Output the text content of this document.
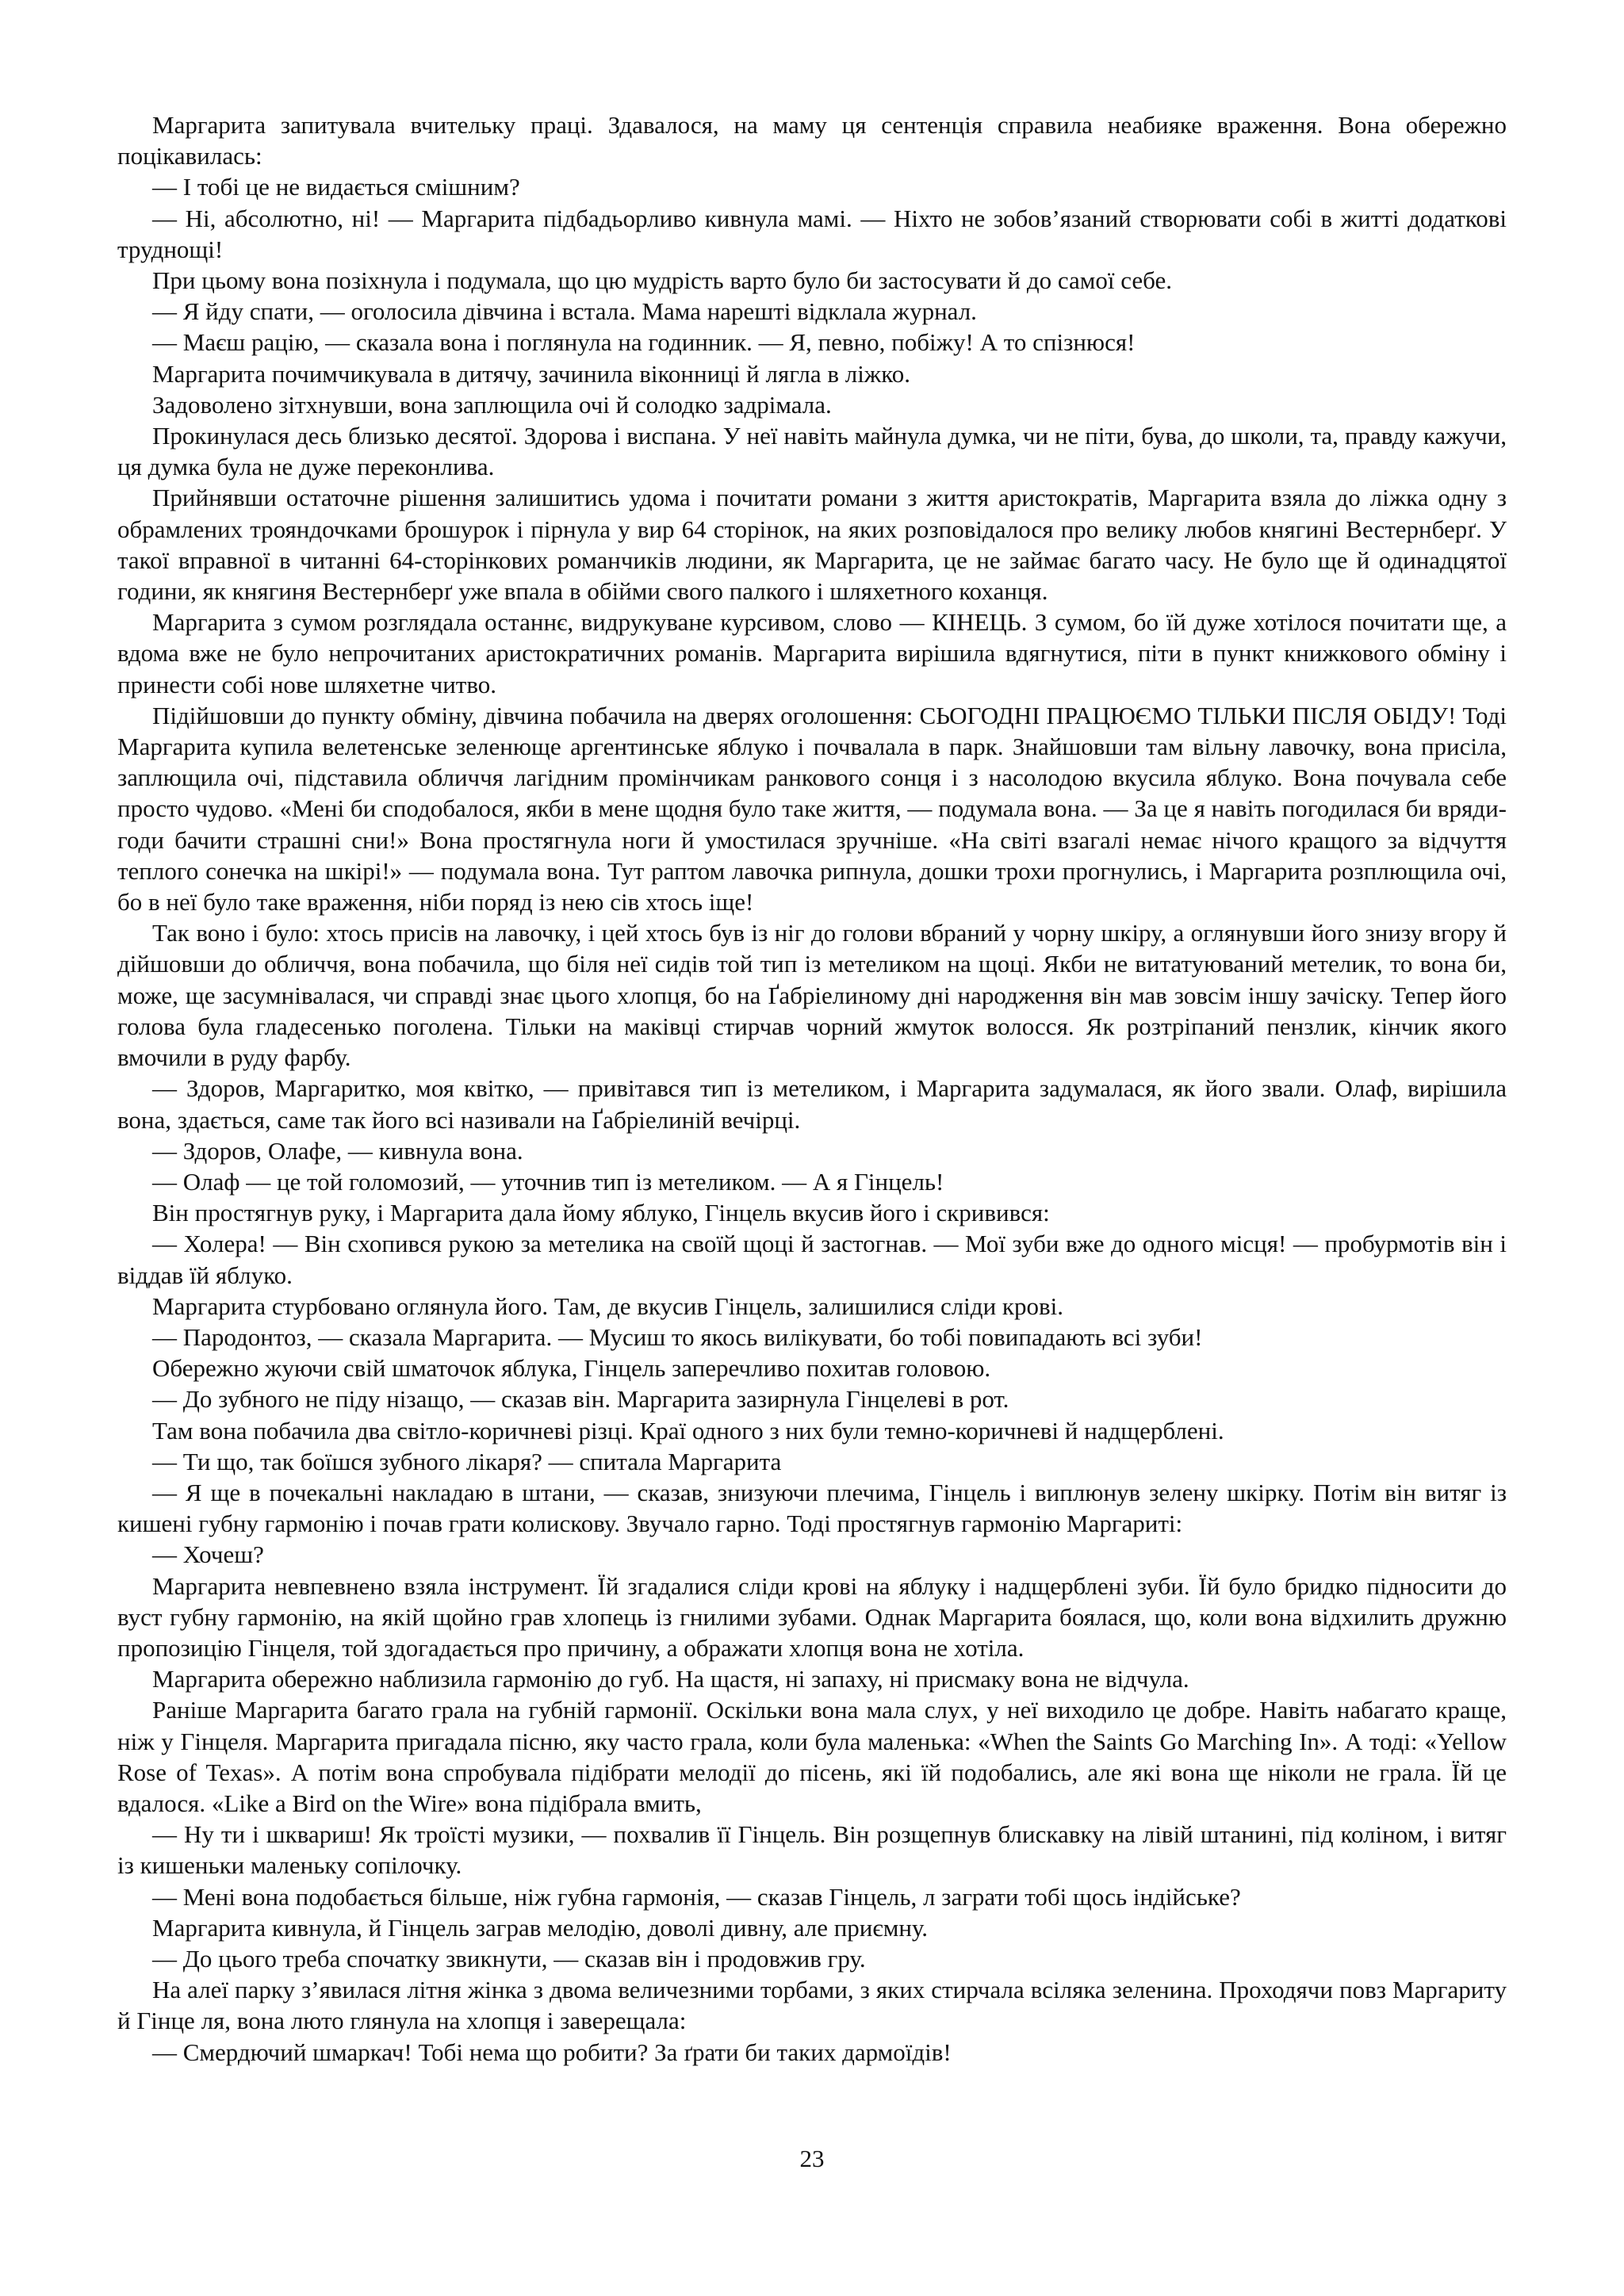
Маргарита запитувала вчительку праці. Здавалося, на маму ця сентенція справила неабияке враження. Вона обережно поцікавилась:

— І тобі це не видається смішним?

— Ні, абсолютно, ні! — Маргарита підбадьорливо кивнула мамі. — Ніхто не зобов’язаний створювати собі в житті додаткові труднощі!

При цьому вона позіхнула і подумала, що цю мудрість варто було би застосувати й до самої себе.

— Я йду спати, — оголосила дівчина і встала. Мама нарешті відклала журнал.

— Маєш рацію, — сказала вона і поглянула на годинник. — Я, певно, побіжу! А то спізнюся!

Маргарита почимчикувала в дитячу, зачинила віконниці й лягла в ліжко.

Задоволено зітхнувши, вона заплющила очі й солодко задрімала.

Прокинулася десь близько десятої. Здорова і виспана. У неї навіть майнула думка, чи не піти, бува, до школи, та, правду кажучи, ця думка була не дуже переконлива.

Прийнявши остаточне рішення залишитись удома і почитати романи з життя аристократів, Маргарита взяла до ліжка одну з обрамлених трояндочками брошурок і пірнула у вир 64 сторінок, на яких розповідалося про велику любов княгині Вестернберґ. У такої вправної в читанні 64-сторінкових романчиків людини, як Маргарита, це не займає багато часу. Не було ще й одинадцятої години, як княгиня Вестернберґ уже впала в обійми свого палкого і шляхетного коханця.

Маргарита з сумом розглядала останнє, видрукуване курсивом, слово — КІНЕЦЬ. З сумом, бо їй дуже хотілося почитати ще, а вдома вже не було непрочитаних аристократичних романів. Маргарита вирішила вдягнутися, піти в пункт книжкового обміну і принести собі нове шляхетне читво.

Підійшовши до пункту обміну, дівчина побачила на дверях оголошення: СЬОГОДНІ ПРАЦЮЄМО ТІЛЬКИ ПІСЛЯ ОБІДУ! Тоді Маргарита купила велетенське зеленюще аргентинське яблуко і почвалала в парк. Знайшовши там вільну лавочку, вона присіла, заплющила очі, підставила обличчя лагідним промінчикам ранкового сонця і з насолодою вкусила яблуко. Вона почувала себе просто чудово. «Мені би сподобалося, якби в мене щодня було таке життя, — подумала вона. — За це я навіть погодилася би вряди-годи бачити страшні сни!» Вона простягнула ноги й умостилася зручніше. «На світі взагалі немає нічого кращого за відчуття теплого сонечка на шкірі!» — подумала вона. Тут раптом лавочка рипнула, дошки трохи прогнулись, і Маргарита розплющила очі, бо в неї було таке враження, ніби поряд із нею сів хтось іще!

Так воно і було: хтось присів на лавочку, і цей хтось був із ніг до голови вбраний у чорну шкіру, а оглянувши його знизу вгору й дійшовши до обличчя, вона побачила, що біля неї сидів той тип із метеликом на щоці. Якби не витатуюваний метелик, то вона би, може, ще засумнівалася, чи справді знає цього хлопця, бо на Ґабріелиному дні народження він мав зовсім іншу зачіску. Тепер його голова була гладесенько поголена. Тільки на маківці стирчав чорний жмуток волосся. Як розтріпаний пензлик, кінчик якого вмочили в руду фарбу.

— Здоров, Маргаритко, моя квітко, — привітався тип із метеликом, і Маргарита задумалася, як його звали. Олаф, вирішила вона, здається, саме так його всі називали на Ґабріелиній вечірці.

— Здоров, Олафе, — кивнула вона.

— Олаф — це той голомозий, — уточнив тип із метеликом. — А я Гінцель!

Він простягнув руку, і Маргарита дала йому яблуко, Гінцель вкусив його і скривився:

— Холера! — Він схопився рукою за метелика на своїй щоці й застогнав. — Мої зуби вже до одного місця! — пробурмотів він і віддав їй яблуко.

Маргарита стурбовано оглянула його. Там, де вкусив Гінцель, залишилися сліди крові.

— Пародонтоз, — сказала Маргарита. — Мусиш то якось вилікувати, бо тобі повипадають всі зуби!

Обережно жуючи свій шматочок яблука, Гінцель заперечливо похитав головою.

— До зубного не піду нізащо, — сказав він. Маргарита зазирнула Гінцелеві в рот.

Там вона побачила два світло-коричневі різці. Краї одного з них були темно-коричневі й надщерблені.

— Ти що, так боїшся зубного лікаря? — спитала Маргарита

— Я ще в почекальні накладаю в штани, — сказав, знизуючи плечима, Гінцель і виплюнув зелену шкірку. Потім він витяг із кишені губну гармонію і почав грати колискову. Звучало гарно. Тоді простягнув гармонію Маргариті:

— Хочеш?

Маргарита невпевнено взяла інструмент. Їй згадалися сліди крові на яблуку і надщерблені зуби. Їй було бридко підносити до вуст губну гармонію, на якій щойно грав хлопець із гнилими зубами. Однак Маргарита боялася, що, коли вона відхилить дружню пропозицію Гінцеля, той здогадається про причину, а ображати хлопця вона не хотіла.

Маргарита обережно наблизила гармонію до губ. На щастя, ні запаху, ні присмаку вона не відчула.

Раніше Маргарита багато грала на губній гармонії. Оскільки вона мала слух, у неї виходило це добре. Навіть набагато краще, ніж у Гінцеля. Маргарита пригадала пісню, яку часто грала, коли була маленька: «When the Saints Go Marching In». А тоді: «Yellow Rose of Texas». А потім вона спробувала підібрати мелодії до пісень, які їй подобались, але які вона ще ніколи не грала. Їй це вдалося. «Like a Bird on the Wire» вона підібрала вмить,

— Ну ти і шквариш! Як троїсті музики, — похвалив її Гінцель. Він розщепнув блискавку на лівій штанині, під коліном, і витяг із кишеньки маленьку сопілочку.

— Мені вона подобається більше, ніж губна гармонія, — сказав Гінцель, л заграти тобі щось індійське?

Маргарита кивнула, й Гінцель заграв мелодію, доволі дивну, але приємну.

— До цього треба спочатку звикнути, — сказав він і продовжив гру.

На алеї парку з’явилася літня жінка з двома величезними торбами, з яких стирчала всіляка зеленина. Проходячи повз Маргариту й Гінце ля, вона люто глянула на хлопця і заверещала:

— Смердючий шмаркач! Тобі нема що робити? За ґрати би таких дармоїдів!

23
